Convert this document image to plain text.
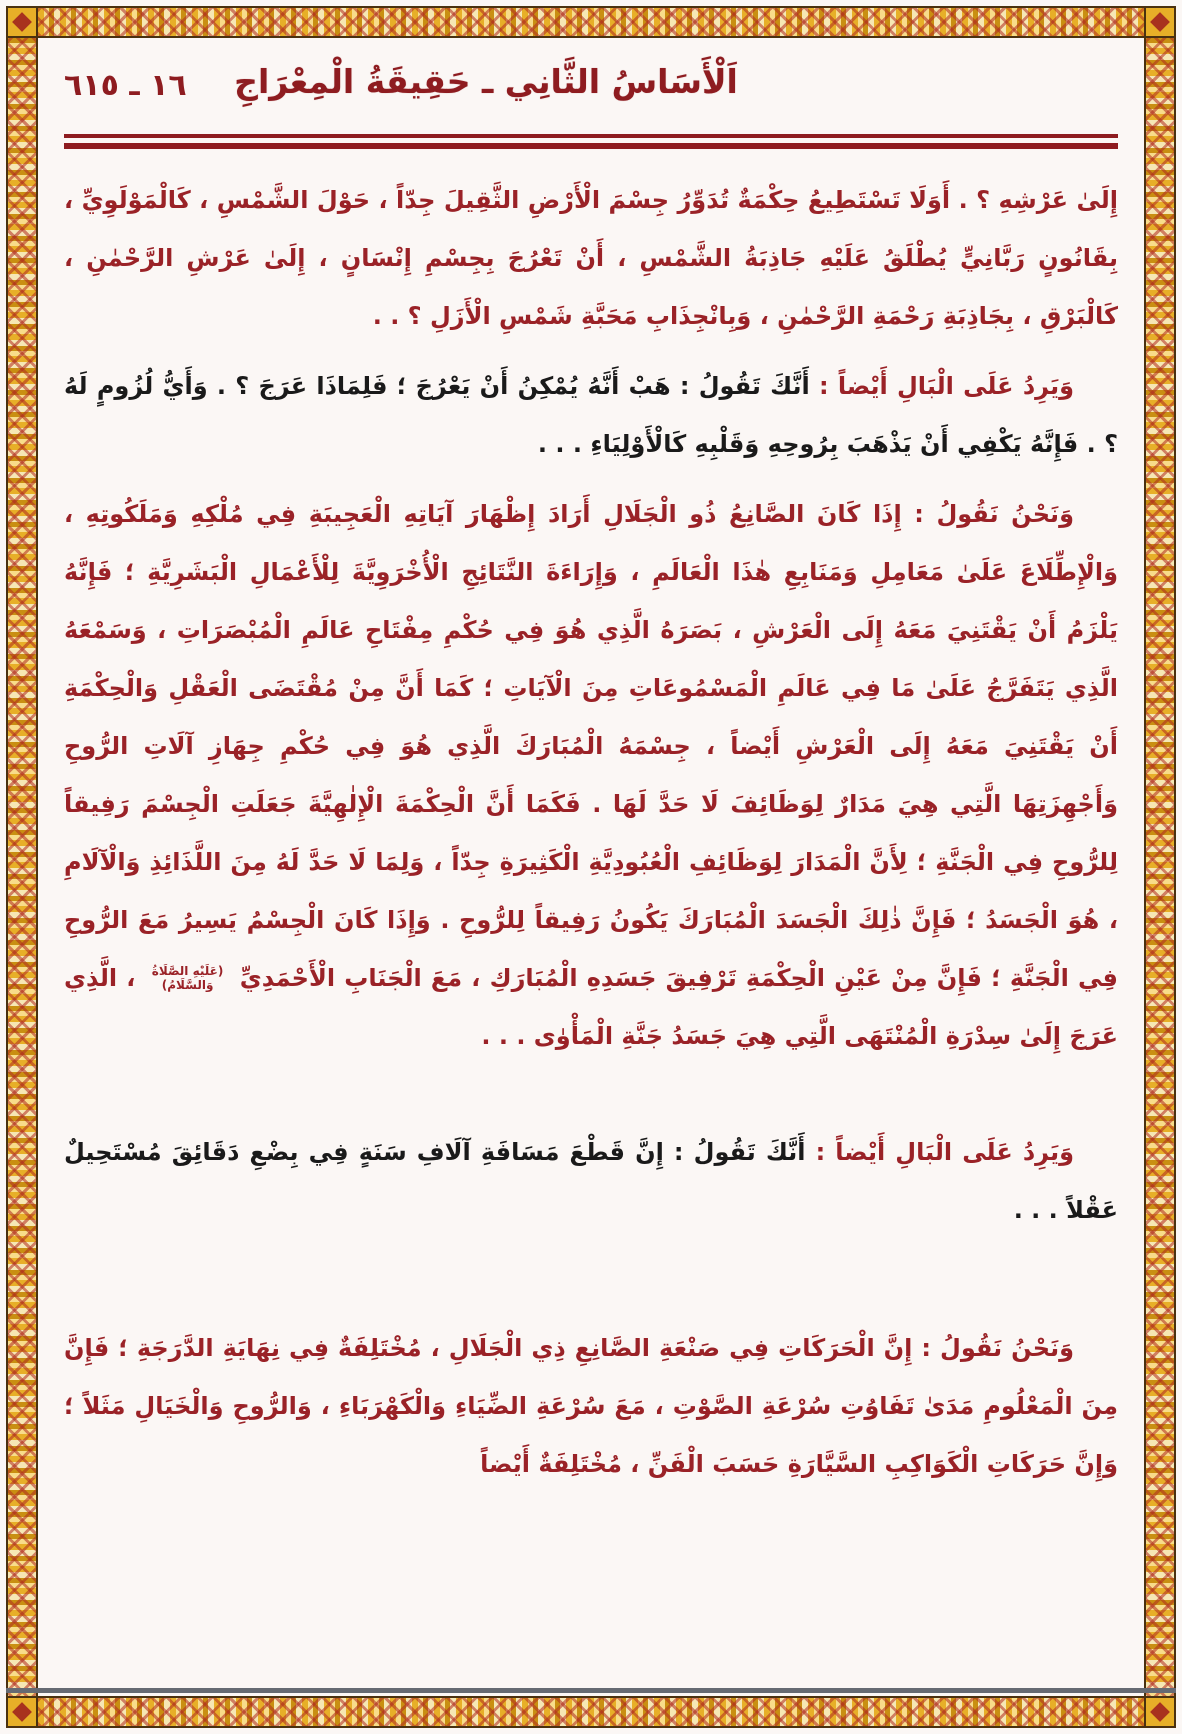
١٦ ـ ٦١٥	اَلْأَسَاسُ الثَّانِي ـ حَقِيقَةُ الْمِعْرَاجِ

إِلَىٰ عَرْشِهِ ؟ . أَوَلَا تَسْتَطِيعُ حِكْمَةٌ تُدَوِّرُ جِسْمَ الْأَرْضِ الثَّقِيلَ جِدّاً ، حَوْلَ الشَّمْسِ ، كَالْمَوْلَوِيِّ ، بِقَانُونٍ رَبَّانِيٍّ يُطْلَقُ عَلَيْهِ جَاذِبَةُ الشَّمْسِ ، أَنْ تَعْرُجَ بِجِسْمِ إِنْسَانٍ ، إِلَىٰ عَرْشِ الرَّحْمٰنِ ، كَالْبَرْقِ ، بِجَاذِبَةِ رَحْمَةِ الرَّحْمٰنِ ، وَبِانْجِذَابِ مَحَبَّةِ شَمْسِ الْأَزَلِ ؟ . .

وَيَرِدُ عَلَى الْبَالِ أَيْضاً : أَنَّكَ تَقُولُ : هَبْ أَنَّهُ يُمْكِنُ أَنْ يَعْرُجَ ؛ فَلِمَاذَا عَرَجَ ؟ . وَأَيُّ لُزُومٍ لَهُ ؟ . فَإِنَّهُ يَكْفِي أَنْ يَذْهَبَ بِرُوحِهِ وَقَلْبِهِ كَالْأَوْلِيَاءِ . . .

وَنَحْنُ نَقُولُ : إِذَا كَانَ الصَّانِعُ ذُو الْجَلَالِ أَرَادَ إِظْهَارَ آيَاتِهِ الْعَجِيبَةِ فِي مُلْكِهِ وَمَلَكُوتِهِ ، وَالْإِطِّلَاعَ عَلَىٰ مَعَامِلِ وَمَنَابِعِ هٰذَا الْعَالَمِ ، وَإِرَاءَةَ النَّتَائِجِ الْأُخْرَوِيَّةَ لِلْأَعْمَالِ الْبَشَرِيَّةِ ؛ فَإِنَّهُ يَلْزَمُ أَنْ يَقْتَنِيَ مَعَهُ إِلَى الْعَرْشِ ، بَصَرَهُ الَّذِي هُوَ فِي حُكْمِ مِفْتَاحِ عَالَمِ الْمُبْصَرَاتِ ، وَسَمْعَهُ الَّذِي يَتَفَرَّجُ عَلَىٰ مَا فِي عَالَمِ الْمَسْمُوعَاتِ مِنَ الْآيَاتِ ؛ كَمَا أَنَّ مِنْ مُقْتَضَى الْعَقْلِ وَالْحِكْمَةِ أَنْ يَقْتَنِيَ مَعَهُ إِلَى الْعَرْشِ أَيْضاً ، جِسْمَهُ الْمُبَارَكَ الَّذِي هُوَ فِي حُكْمِ جِهَازِ آلَاتِ الرُّوحِ وَأَجْهِزَتِهَا الَّتِي هِيَ مَدَارٌ لِوَظَائِفَ لَا حَدَّ لَهَا . فَكَمَا أَنَّ الْحِكْمَةَ الْإِلٰهِيَّةَ جَعَلَتِ الْجِسْمَ رَفِيقاً لِلرُّوحِ فِي الْجَنَّةِ ؛ لِأَنَّ الْمَدَارَ لِوَظَائِفِ الْعُبُودِيَّةِ الْكَثِيرَةِ جِدّاً ، وَلِمَا لَا حَدَّ لَهُ مِنَ اللَّذَائِذِ وَالْآلَامِ ، هُوَ الْجَسَدُ ؛ فَإِنَّ ذٰلِكَ الْجَسَدَ الْمُبَارَكَ يَكُونُ رَفِيقاً لِلرُّوحِ . وَإِذَا كَانَ الْجِسْمُ يَسِيرُ مَعَ الرُّوحِ فِي الْجَنَّةِ ؛ فَإِنَّ مِنْ عَيْنِ الْحِكْمَةِ تَرْفِيقَ جَسَدِهِ الْمُبَارَكِ ، مَعَ الْجَنَابِ الْأَحْمَدِيِّ (عَلَيْهِ الصَّلَاةُ وَالسَّلَامُ) ، الَّذِي عَرَجَ إِلَىٰ سِدْرَةِ الْمُنْتَهَى الَّتِي هِيَ جَسَدُ جَنَّةِ الْمَأْوٰى . . .

وَيَرِدُ عَلَى الْبَالِ أَيْضاً : أَنَّكَ تَقُولُ : إِنَّ قَطْعَ مَسَافَةِ آلَافِ سَنَةٍ فِي بِضْعِ دَقَائِقَ مُسْتَحِيلٌ عَقْلاً . . .

وَنَحْنُ نَقُولُ : إِنَّ الْحَرَكَاتِ فِي صَنْعَةِ الصَّانِعِ ذِي الْجَلَالِ ، مُخْتَلِفَةٌ فِي نِهَايَةِ الدَّرَجَةِ ؛ فَإِنَّ مِنَ الْمَعْلُومِ مَدَىٰ تَفَاوُتِ سُرْعَةِ الصَّوْتِ ، مَعَ سُرْعَةِ الضِّيَاءِ وَالْكَهْرَبَاءِ ، وَالرُّوحِ وَالْخَيَالِ مَثَلاً ؛ وَإِنَّ حَرَكَاتِ الْكَوَاكِبِ السَّيَّارَةِ حَسَبَ الْفَنِّ ، مُخْتَلِفَةٌ أَيْضاً
